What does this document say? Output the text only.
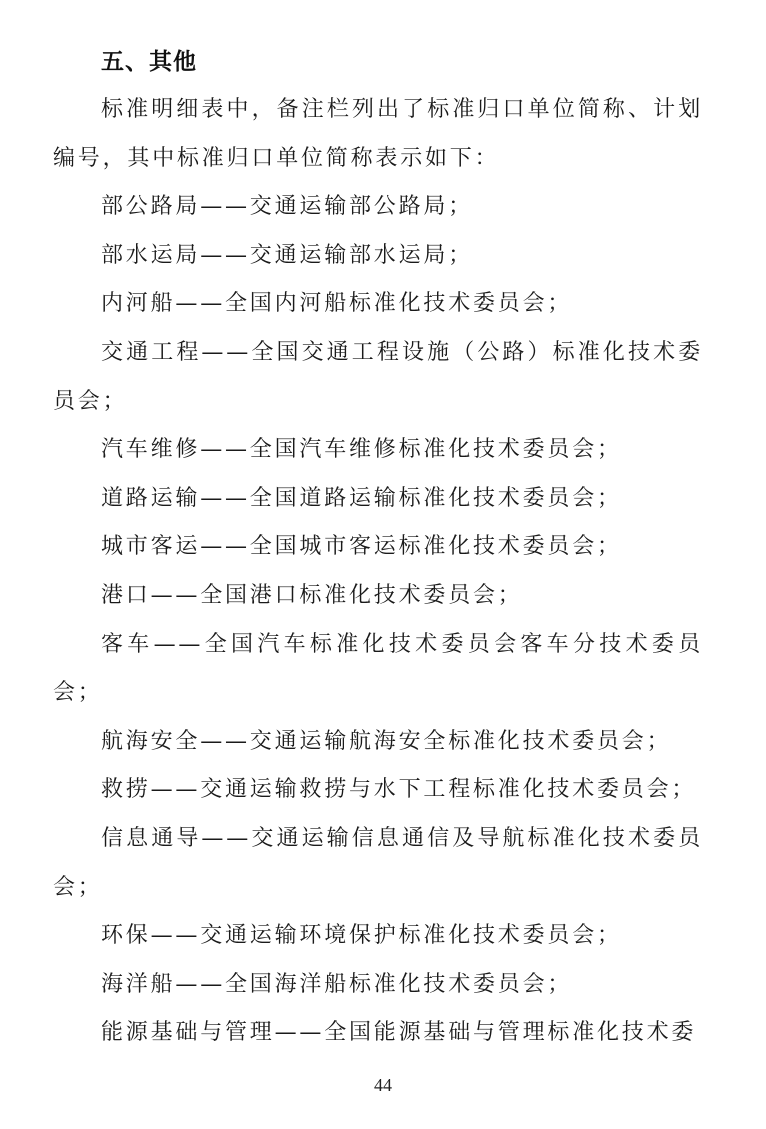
五、其他

标准明细表中，备注栏列出了标准归口单位简称、计划编号，其中标准归口单位简称表示如下：

部公路局——交通运输部公路局；

部水运局——交通运输部水运局；

内河船——全国内河船标准化技术委员会；

交通工程——全国交通工程设施（公路）标准化技术委员会；

汽车维修——全国汽车维修标准化技术委员会；

道路运输——全国道路运输标准化技术委员会；

城市客运——全国城市客运标准化技术委员会；

港口——全国港口标准化技术委员会；

客车——全国汽车标准化技术委员会客车分技术委员会；

航海安全——交通运输航海安全标准化技术委员会；

救捞——交通运输救捞与水下工程标准化技术委员会；

信息通导——交通运输信息通信及导航标准化技术委员会；

环保——交通运输环境保护标准化技术委员会；

海洋船——全国海洋船标准化技术委员会；

能源基础与管理——全国能源基础与管理标准化技术委

44
